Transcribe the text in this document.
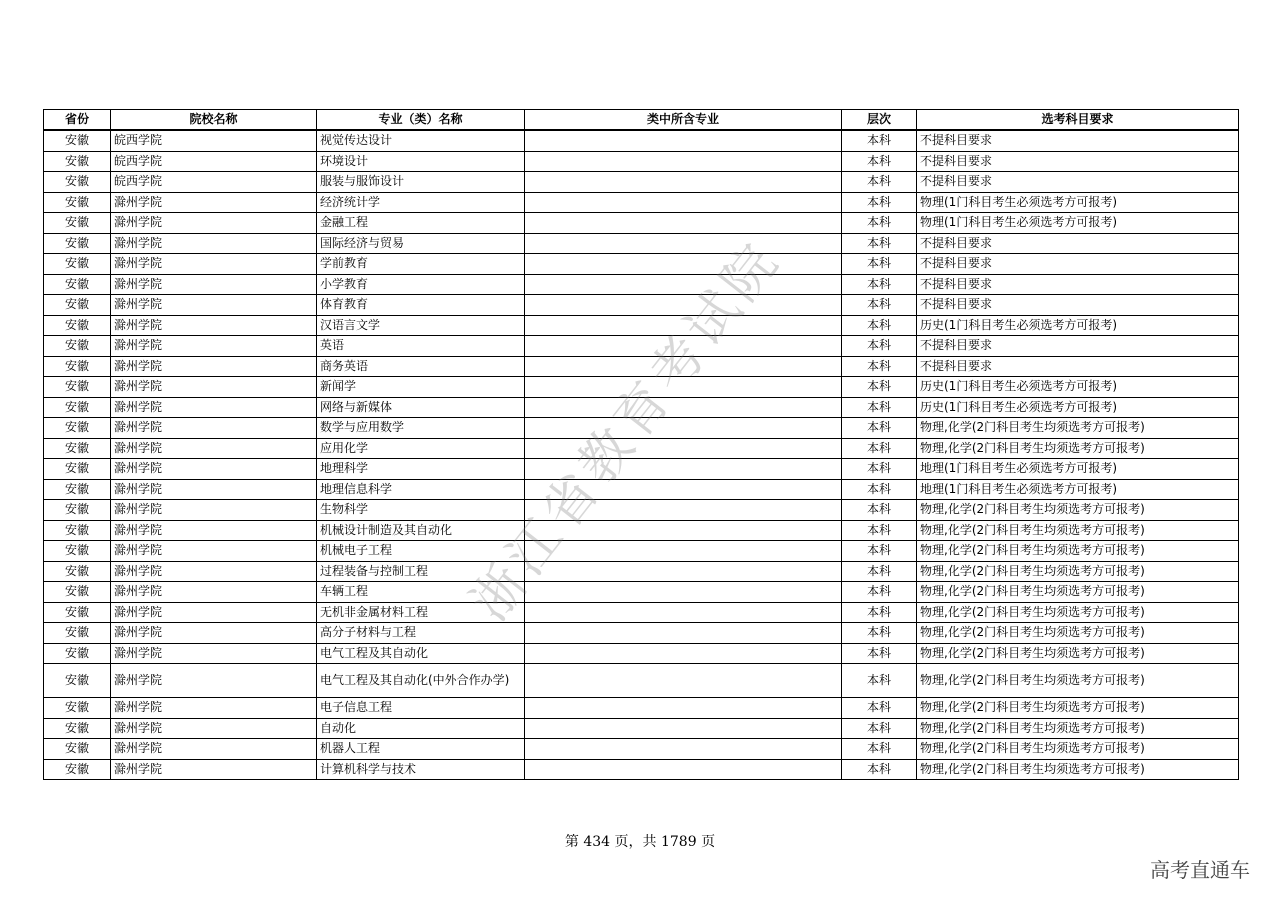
省份	院校名称	专业（类）名称	类中所含专业	层次	选考科目要求
安徽	皖西学院	视觉传达设计		本科	不提科目要求
安徽	皖西学院	环境设计		本科	不提科目要求
安徽	皖西学院	服装与服饰设计		本科	不提科目要求
安徽	滁州学院	经济统计学		本科	物理(1门科目考生必须选考方可报考)
安徽	滁州学院	金融工程		本科	物理(1门科目考生必须选考方可报考)
安徽	滁州学院	国际经济与贸易		本科	不提科目要求
安徽	滁州学院	学前教育		本科	不提科目要求
安徽	滁州学院	小学教育		本科	不提科目要求
安徽	滁州学院	体育教育		本科	不提科目要求
安徽	滁州学院	汉语言文学		本科	历史(1门科目考生必须选考方可报考)
安徽	滁州学院	英语		本科	不提科目要求
安徽	滁州学院	商务英语		本科	不提科目要求
安徽	滁州学院	新闻学		本科	历史(1门科目考生必须选考方可报考)
安徽	滁州学院	网络与新媒体		本科	历史(1门科目考生必须选考方可报考)
安徽	滁州学院	数学与应用数学		本科	物理,化学(2门科目考生均须选考方可报考)
安徽	滁州学院	应用化学		本科	物理,化学(2门科目考生均须选考方可报考)
安徽	滁州学院	地理科学		本科	地理(1门科目考生必须选考方可报考)
安徽	滁州学院	地理信息科学		本科	地理(1门科目考生必须选考方可报考)
安徽	滁州学院	生物科学		本科	物理,化学(2门科目考生均须选考方可报考)
安徽	滁州学院	机械设计制造及其自动化		本科	物理,化学(2门科目考生均须选考方可报考)
安徽	滁州学院	机械电子工程		本科	物理,化学(2门科目考生均须选考方可报考)
安徽	滁州学院	过程装备与控制工程		本科	物理,化学(2门科目考生均须选考方可报考)
安徽	滁州学院	车辆工程		本科	物理,化学(2门科目考生均须选考方可报考)
安徽	滁州学院	无机非金属材料工程		本科	物理,化学(2门科目考生均须选考方可报考)
安徽	滁州学院	高分子材料与工程		本科	物理,化学(2门科目考生均须选考方可报考)
安徽	滁州学院	电气工程及其自动化		本科	物理,化学(2门科目考生均须选考方可报考)
安徽	滁州学院	电气工程及其自动化(中外合作办学)		本科	物理,化学(2门科目考生均须选考方可报考)
安徽	滁州学院	电子信息工程		本科	物理,化学(2门科目考生均须选考方可报考)
安徽	滁州学院	自动化		本科	物理,化学(2门科目考生均须选考方可报考)
安徽	滁州学院	机器人工程		本科	物理,化学(2门科目考生均须选考方可报考)
安徽	滁州学院	计算机科学与技术		本科	物理,化学(2门科目考生均须选考方可报考)
浙江省教育考试院
第 434 页，共 1789 页
高考直通车
